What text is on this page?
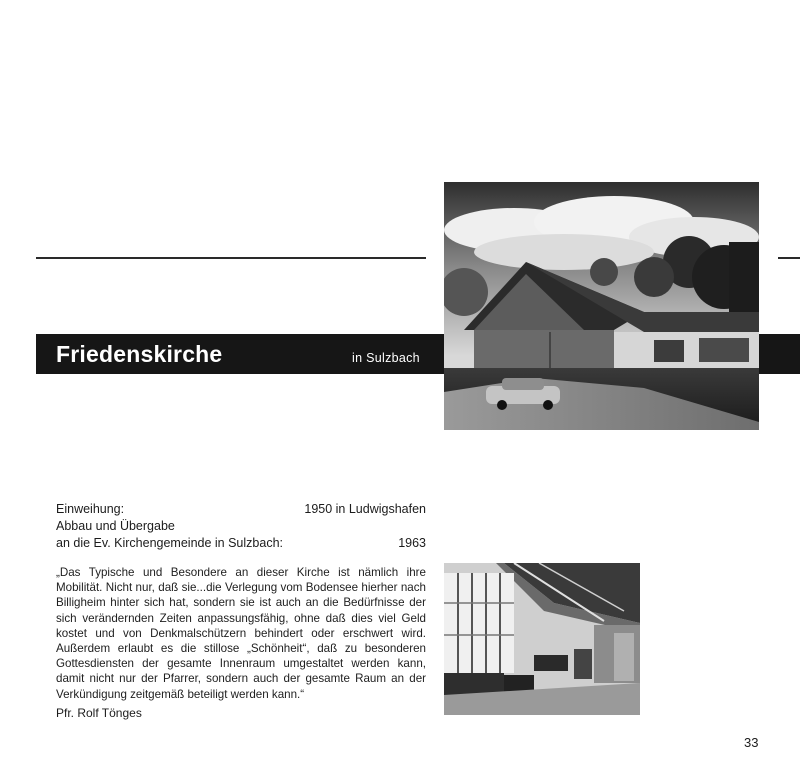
Friedenskirche	in Sulzbach
Einweihung:	1950 in Ludwigshafen
Abbau und Übergabe
an die Ev. Kirchengemeinde in Sulzbach:	1963

„Das Typische und Besondere an dieser Kirche ist nämlich ihre Mobilität. Nicht nur, daß sie...die Verlegung vom Bodensee hierher nach Billigheim hinter sich hat, sondern sie ist auch an die Bedürfnisse der sich verändernden Zeiten anpassungsfähig, ohne daß dies viel Geld kostet und von Denkmalschützern behindert oder erschwert wird. Außerdem erlaubt es die stillose „Schönheit“, daß zu besonderen Gottesdiensten der gesamte Innenraum umgestaltet werden kann, damit nicht nur der Pfarrer, sondern auch der gesamte Raum an der Verkündigung zeitgemäß beteiligt werden kann.“

Pfr. Rolf Tönges
33
